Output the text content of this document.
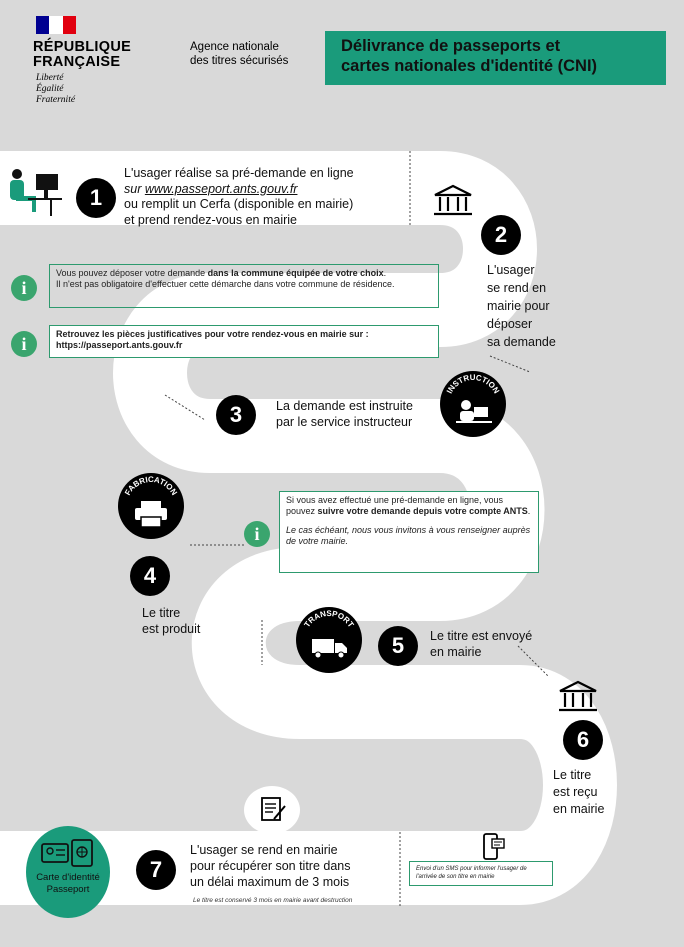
RÉPUBLIQUE
FRANÇAISE
Liberté
Égalité
Fraternité
Agence nationale
des titres sécurisés
Délivrance de passeports et
cartes nationales d'identité (CNI)
1
L'usager réalise sa pré-demande en ligne
sur www.passeport.ants.gouv.fr
ou remplit un Cerfa (disponible en mairie)
et prend rendez-vous en mairie
2
L'usager
se rend en
mairie pour
déposer
sa demande
i
Vous pouvez déposer votre demande dans la commune équipée de votre choix.
Il n'est pas obligatoire d'effectuer cette démarche dans votre commune de résidence.
i	Retrouvez les pièces justificatives pour votre rendez-vous en mairie sur :
https://passeport.ants.gouv.fr
3	La demande est instruite
par le service instructeur
INSTRUCTION
FABRICATION
4
Le titre
est produit
i
Si vous avez effectué une pré-demande en ligne, vous pouvez suivre votre demande depuis votre compte ANTS.
Le cas échéant, nous vous invitons à vous renseigner auprès de votre mairie.
TRANSPORT
5	Le titre est envoyé
en mairie
6
Le titre
est reçu
en mairie
7
L'usager se rend en mairie
pour récupérer son titre dans
un délai maximum de 3 mois
Le titre est conservé 3 mois en mairie avant destruction
Envoi d'un SMS pour informer l'usager de l'arrivée de son titre en mairie
Carte d'identité
Passeport
